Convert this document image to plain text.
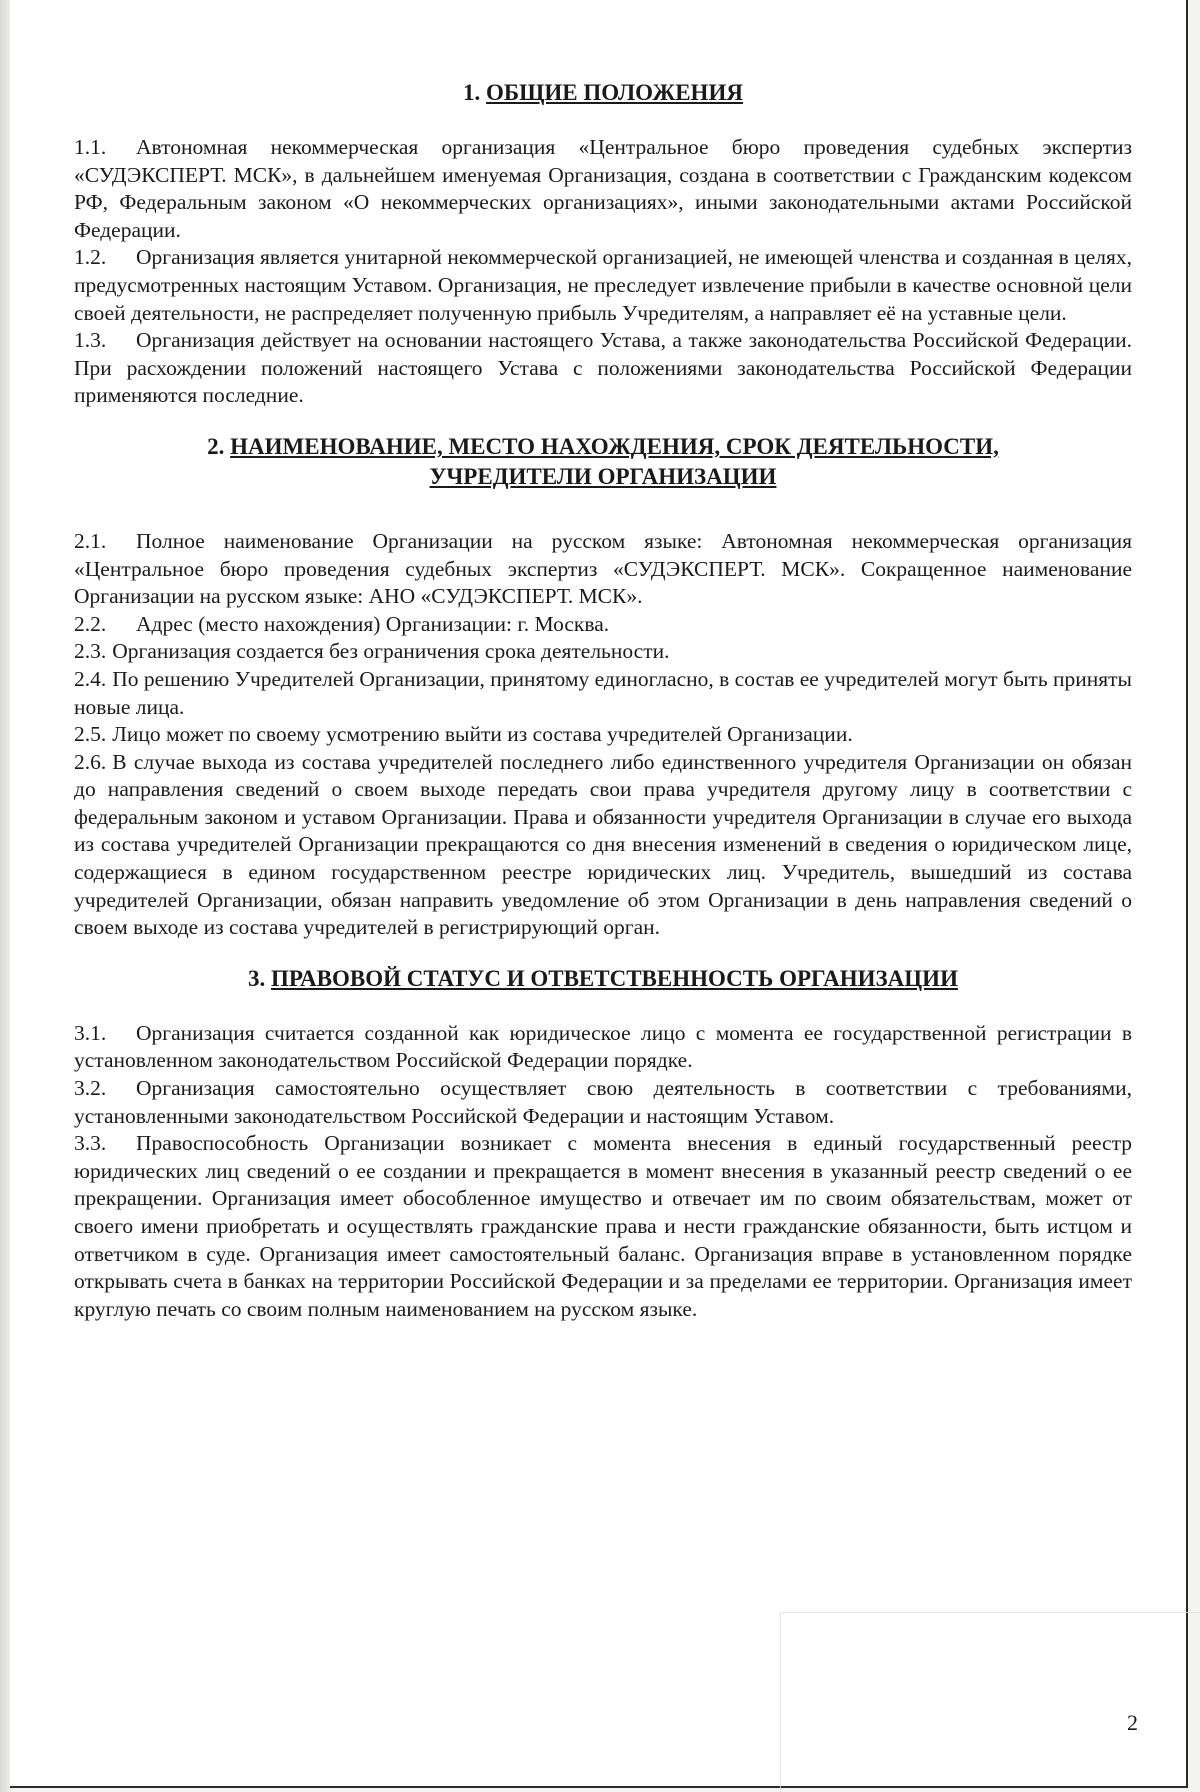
1. ОБЩИЕ ПОЛОЖЕНИЯ

1.1. Автономная некоммерческая организация «Центральное бюро проведения судебных экспертиз «СУДЭКСПЕРТ. МСК», в дальнейшем именуемая Организация, создана в соответствии с Гражданским кодексом РФ, Федеральным законом «О некоммерческих организациях», иными законодательными актами Российской Федерации.

1.2. Организация является унитарной некоммерческой организацией, не имеющей членства и созданная в целях, предусмотренных настоящим Уставом. Организация, не преследует извлечение прибыли в качестве основной цели своей деятельности, не распределяет полученную прибыль Учредителям, а направляет её на уставные цели.

1.3. Организация действует на основании настоящего Устава, а также законодательства Российской Федерации. При расхождении положений настоящего Устава с положениями законодательства Российской Федерации применяются последние.

2. НАИМЕНОВАНИЕ, МЕСТО НАХОЖДЕНИЯ, СРОК ДЕЯТЕЛЬНОСТИ,
УЧРЕДИТЕЛИ ОРГАНИЗАЦИИ

2.1. Полное наименование Организации на русском языке: Автономная некоммерческая организация «Центральное бюро проведения судебных экспертиз «СУДЭКСПЕРТ. МСК». Сокращенное наименование Организации на русском языке: АНО «СУДЭКСПЕРТ. МСК».

2.2. Адрес (место нахождения) Организации: г. Москва.

2.3. Организация создается без ограничения срока деятельности.

2.4. По решению Учредителей Организации, принятому единогласно, в состав ее учредителей могут быть приняты новые лица.

2.5. Лицо может по своему усмотрению выйти из состава учредителей Организации.

2.6. В случае выхода из состава учредителей последнего либо единственного учредителя Организации он обязан до направления сведений о своем выходе передать свои права учредителя другому лицу в соответствии с федеральным законом и уставом Организации. Права и обязанности учредителя Организации в случае его выхода из состава учредителей Организации прекращаются со дня внесения изменений в сведения о юридическом лице, содержащиеся в едином государственном реестре юридических лиц. Учредитель, вышедший из состава учредителей Организации, обязан направить уведомление об этом Организации в день направления сведений о своем выходе из состава учредителей в регистрирующий орган.

3. ПРАВОВОЙ СТАТУС И ОТВЕТСТВЕННОСТЬ ОРГАНИЗАЦИИ

3.1. Организация считается созданной как юридическое лицо с момента ее государственной регистрации в установленном законодательством Российской Федерации порядке.

3.2. Организация самостоятельно осуществляет свою деятельность в соответствии с требованиями, установленными законодательством Российской Федерации и настоящим Уставом.

3.3. Правоспособность Организации возникает с момента внесения в единый государственный реестр юридических лиц сведений о ее создании и прекращается в момент внесения в указанный реестр сведений о ее прекращении. Организация имеет обособленное имущество и отвечает им по своим обязательствам, может от своего имени приобретать и осуществлять гражданские права и нести гражданские обязанности, быть истцом и ответчиком в суде. Организация имеет самостоятельный баланс. Организация вправе в установленном порядке открывать счета в банках на территории Российской Федерации и за пределами ее территории. Организация имеет круглую печать со своим полным наименованием на русском языке.

2
